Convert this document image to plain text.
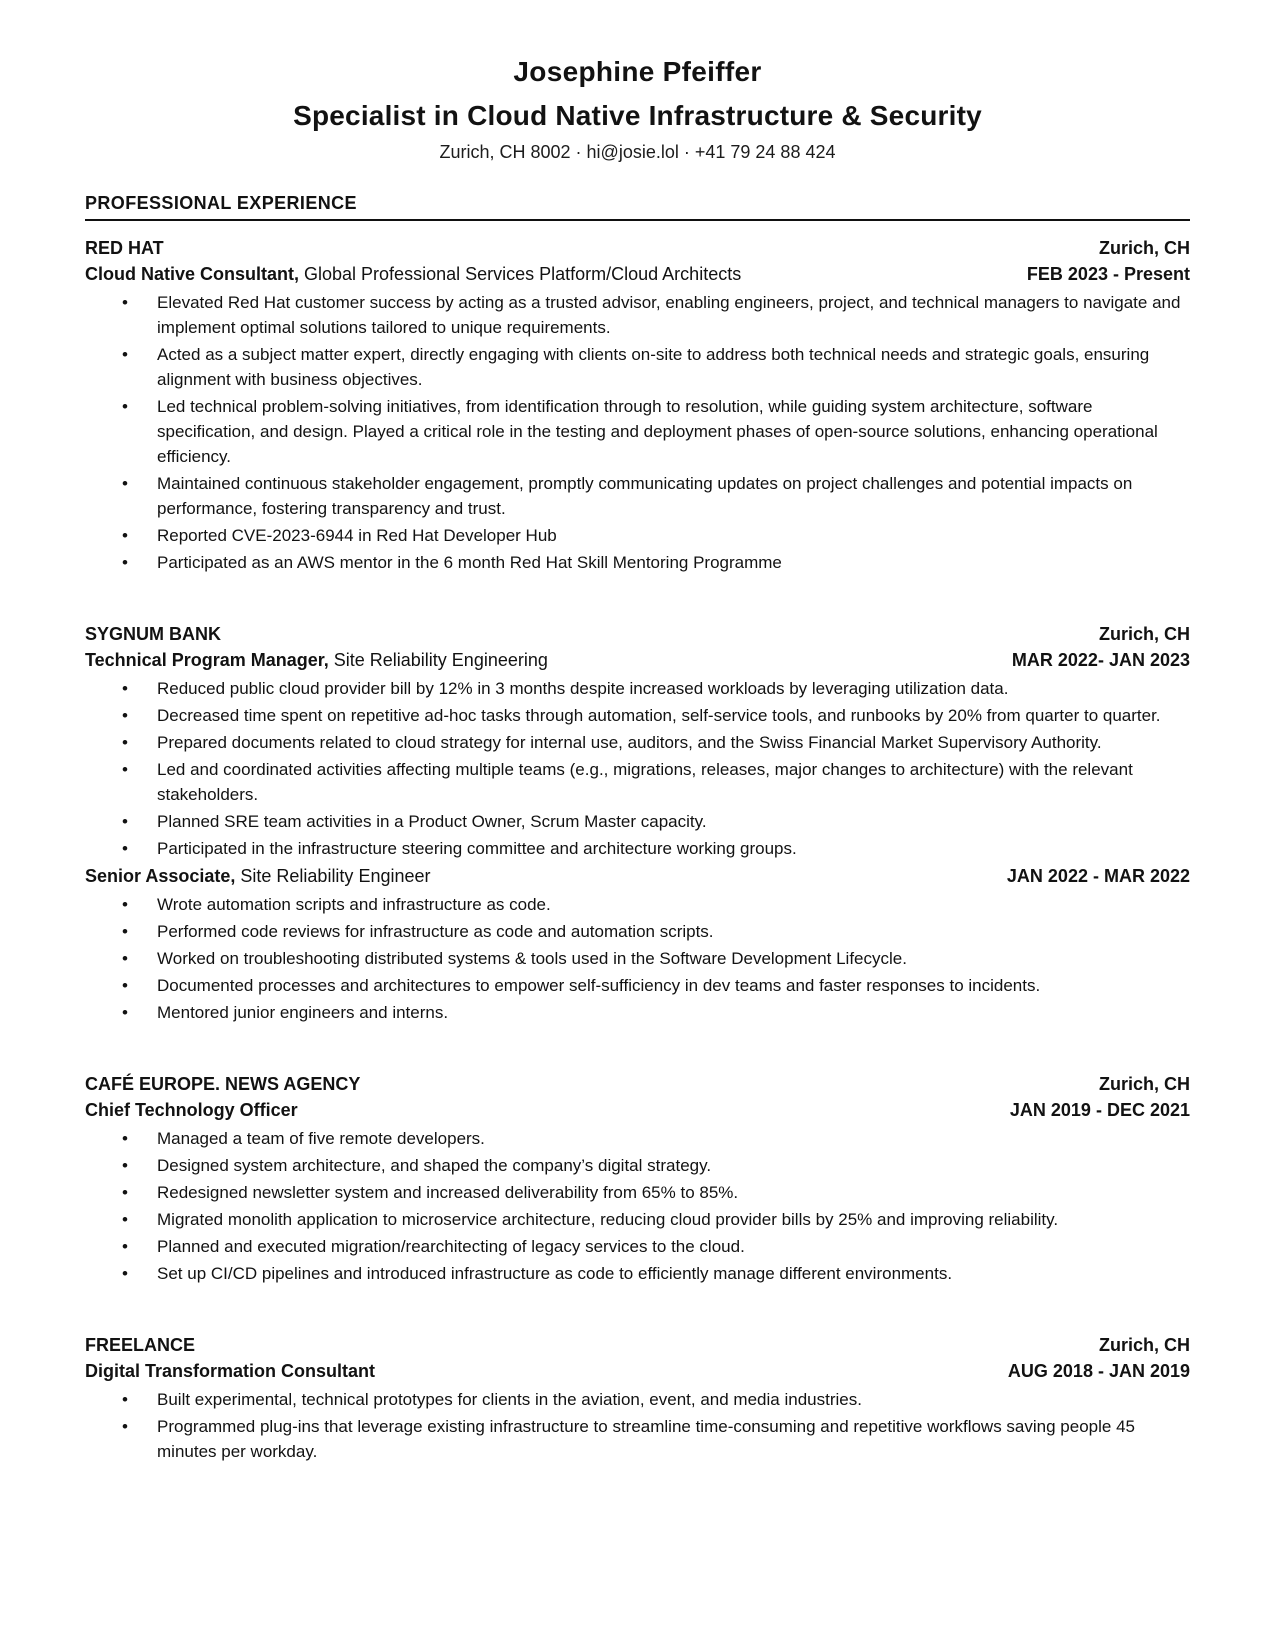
Josephine Pfeiffer
Specialist in Cloud Native Infrastructure & Security

Zurich, CH 8002 · hi@josie.lol · +41 79 24 88 424

PROFESSIONAL EXPERIENCE
RED HAT	Zurich, CH
Cloud Native Consultant, Global Professional Services Platform/Cloud Architects	FEB 2023 - Present
• Elevated Red Hat customer success by acting as a trusted advisor, enabling engineers, project, and technical managers to navigate and implement optimal solutions tailored to unique requirements.
• Acted as a subject matter expert, directly engaging with clients on-site to address both technical needs and strategic goals, ensuring alignment with business objectives.
• Led technical problem-solving initiatives, from identification through to resolution, while guiding system architecture, software specification, and design. Played a critical role in the testing and deployment phases of open-source solutions, enhancing operational efficiency.
• Maintained continuous stakeholder engagement, promptly communicating updates on project challenges and potential impacts on performance, fostering transparency and trust.
• Reported CVE-2023-6944 in Red Hat Developer Hub
• Participated as an AWS mentor in the 6 month Red Hat Skill Mentoring Programme
SYGNUM BANK	Zurich, CH
Technical Program Manager, Site Reliability Engineering	MAR 2022- JAN 2023
• Reduced public cloud provider bill by 12% in 3 months despite increased workloads by leveraging utilization data.
• Decreased time spent on repetitive ad-hoc tasks through automation, self-service tools, and runbooks by 20% from quarter to quarter.
• Prepared documents related to cloud strategy for internal use, auditors, and the Swiss Financial Market Supervisory Authority.
• Led and coordinated activities affecting multiple teams (e.g., migrations, releases, major changes to architecture) with the relevant stakeholders.
• Planned SRE team activities in a Product Owner, Scrum Master capacity.
• Participated in the infrastructure steering committee and architecture working groups.
Senior Associate, Site Reliability Engineer	JAN 2022 - MAR 2022
• Wrote automation scripts and infrastructure as code.
• Performed code reviews for infrastructure as code and automation scripts.
• Worked on troubleshooting distributed systems & tools used in the Software Development Lifecycle.
• Documented processes and architectures to empower self-sufficiency in dev teams and faster responses to incidents.
• Mentored junior engineers and interns.
CAFÉ EUROPE. NEWS AGENCY	Zurich, CH
Chief Technology Officer	JAN 2019 - DEC 2021
• Managed a team of five remote developers.
• Designed system architecture, and shaped the company’s digital strategy.
• Redesigned newsletter system and increased deliverability from 65% to 85%.
• Migrated monolith application to microservice architecture, reducing cloud provider bills by 25% and improving reliability.
• Planned and executed migration/rearchitecting of legacy services to the cloud.
• Set up CI/CD pipelines and introduced infrastructure as code to efficiently manage different environments.
FREELANCE	Zurich, CH
Digital Transformation Consultant	AUG 2018 - JAN 2019
• Built experimental, technical prototypes for clients in the aviation, event, and media industries.
• Programmed plug-ins that leverage existing infrastructure to streamline time-consuming and repetitive workflows saving people 45 minutes per workday.
